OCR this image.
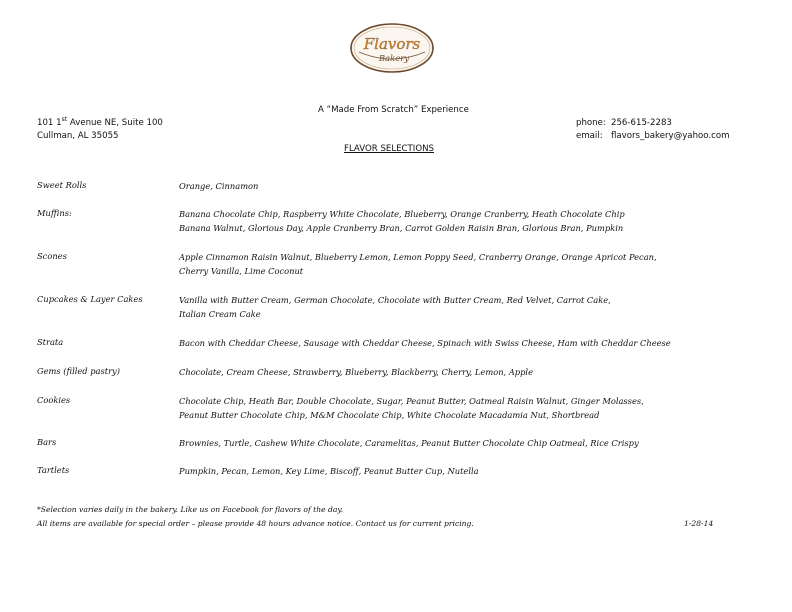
Flavors
Bakery
A “Made From Scratch” Experience
101 1st Avenue NE, Suite 100
Cullman, AL 35055
phone: 256-615-2283
email: flavors_bakery@yahoo.com
FLAVOR SELECTIONS
Sweet Rolls	Orange, Cinnamon
Muffins:	Banana Chocolate Chip, Raspberry White Chocolate, Blueberry, Orange Cranberry, Heath Chocolate Chip
Banana Walnut, Glorious Day, Apple Cranberry Bran, Carrot Golden Raisin Bran, Glorious Bran, Pumpkin
Scones	Apple Cinnamon Raisin Walnut, Blueberry Lemon, Lemon Poppy Seed, Cranberry Orange, Orange Apricot Pecan,
Cherry Vanilla, Lime Coconut
Cupcakes & Layer Cakes	Vanilla with Butter Cream, German Chocolate, Chocolate with Butter Cream, Red Velvet, Carrot Cake,
Italian Cream Cake
Strata	Bacon with Cheddar Cheese, Sausage with Cheddar Cheese, Spinach with Swiss Cheese, Ham with Cheddar Cheese
Gems (filled pastry)	Chocolate, Cream Cheese, Strawberry, Blueberry, Blackberry, Cherry, Lemon, Apple
Cookies	Chocolate Chip, Heath Bar, Double Chocolate, Sugar, Peanut Butter, Oatmeal Raisin Walnut, Ginger Molasses,
Peanut Butter Chocolate Chip, M&M Chocolate Chip, White Chocolate Macadamia Nut, Shortbread
Bars	Brownies, Turtle, Cashew White Chocolate, Caramelitas, Peanut Butter Chocolate Chip Oatmeal, Rice Crispy
Tartlets	Pumpkin, Pecan, Lemon, Key Lime, Biscoff, Peanut Butter Cup, Nutella
*Selection varies daily in the bakery. Like us on Facebook for flavors of the day.
All items are available for special order – please provide 48 hours advance notice. Contact us for current pricing.	1-28-14
